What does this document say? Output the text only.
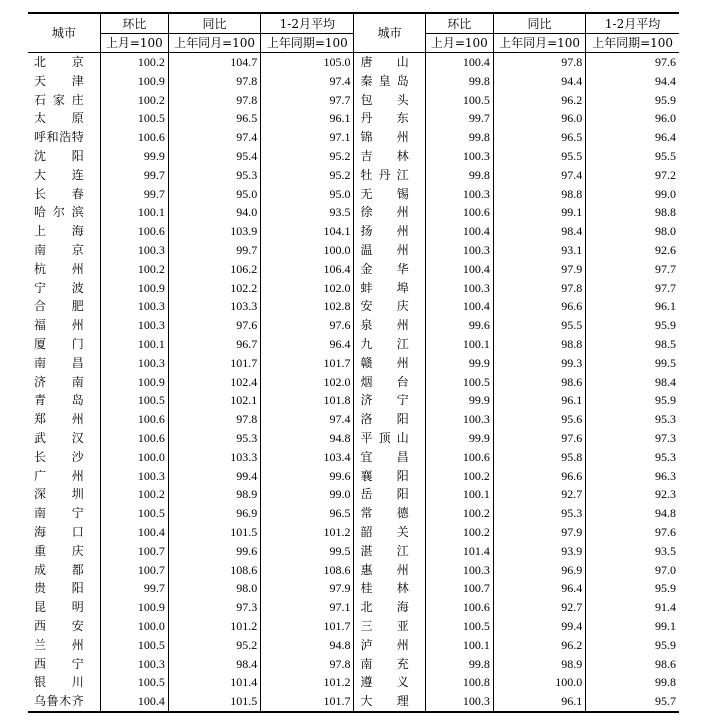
城市	环比	同比	1-2月平均	城市	环比	同比	1-2月平均
	上月=100	上年同月=100	上年同期=100		上月=100	上年同月=100	上年同期=100
北京	100.2	104.7	105.0	唐山	100.4	97.8	97.6
天津	100.9	97.8	97.4	秦皇岛	99.8	94.4	94.4
石家庄	100.2	97.8	97.7	包头	100.5	96.2	95.9
太原	100.5	96.5	96.1	丹东	99.7	96.0	96.0
呼和浩特	100.6	97.4	97.1	锦州	99.8	96.5	96.4
沈阳	99.9	95.4	95.2	吉林	100.3	95.5	95.5
大连	99.7	95.3	95.2	牡丹江	99.8	97.4	97.2
长春	99.7	95.0	95.0	无锡	100.3	98.8	99.0
哈尔滨	100.1	94.0	93.5	徐州	100.6	99.1	98.8
上海	100.6	103.9	104.1	扬州	100.4	98.4	98.0
南京	100.3	99.7	100.0	温州	100.3	93.1	92.6
杭州	100.2	106.2	106.4	金华	100.4	97.9	97.7
宁波	100.9	102.2	102.0	蚌埠	100.3	97.8	97.7
合肥	100.3	103.3	102.8	安庆	100.4	96.6	96.1
福州	100.3	97.6	97.6	泉州	99.6	95.5	95.9
厦门	100.1	96.7	96.4	九江	100.1	98.8	98.5
南昌	100.3	101.7	101.7	赣州	99.9	99.3	99.5
济南	100.9	102.4	102.0	烟台	100.5	98.6	98.4
青岛	100.5	102.1	101.8	济宁	99.9	96.1	95.9
郑州	100.6	97.8	97.4	洛阳	100.3	95.6	95.3
武汉	100.6	95.3	94.8	平顶山	99.9	97.6	97.3
长沙	100.0	103.3	103.4	宜昌	100.6	95.8	95.3
广州	100.3	99.4	99.6	襄阳	100.2	96.6	96.3
深圳	100.2	98.9	99.0	岳阳	100.1	92.7	92.3
南宁	100.5	96.9	96.5	常德	100.2	95.3	94.8
海口	100.4	101.5	101.2	韶关	100.2	97.9	97.6
重庆	100.7	99.6	99.5	湛江	101.4	93.9	93.5
成都	100.7	108.6	108.6	惠州	100.3	96.9	97.0
贵阳	99.7	98.0	97.9	桂林	100.7	96.4	95.9
昆明	100.9	97.3	97.1	北海	100.6	92.7	91.4
西安	100.0	101.2	101.7	三亚	100.5	99.4	99.1
兰州	100.5	95.2	94.8	泸州	100.1	96.2	95.9
西宁	100.3	98.4	97.8	南充	99.8	98.9	98.6
银川	100.5	101.4	101.2	遵义	100.8	100.0	99.8
乌鲁木齐	100.4	101.5	101.7	大理	100.3	96.1	95.7
